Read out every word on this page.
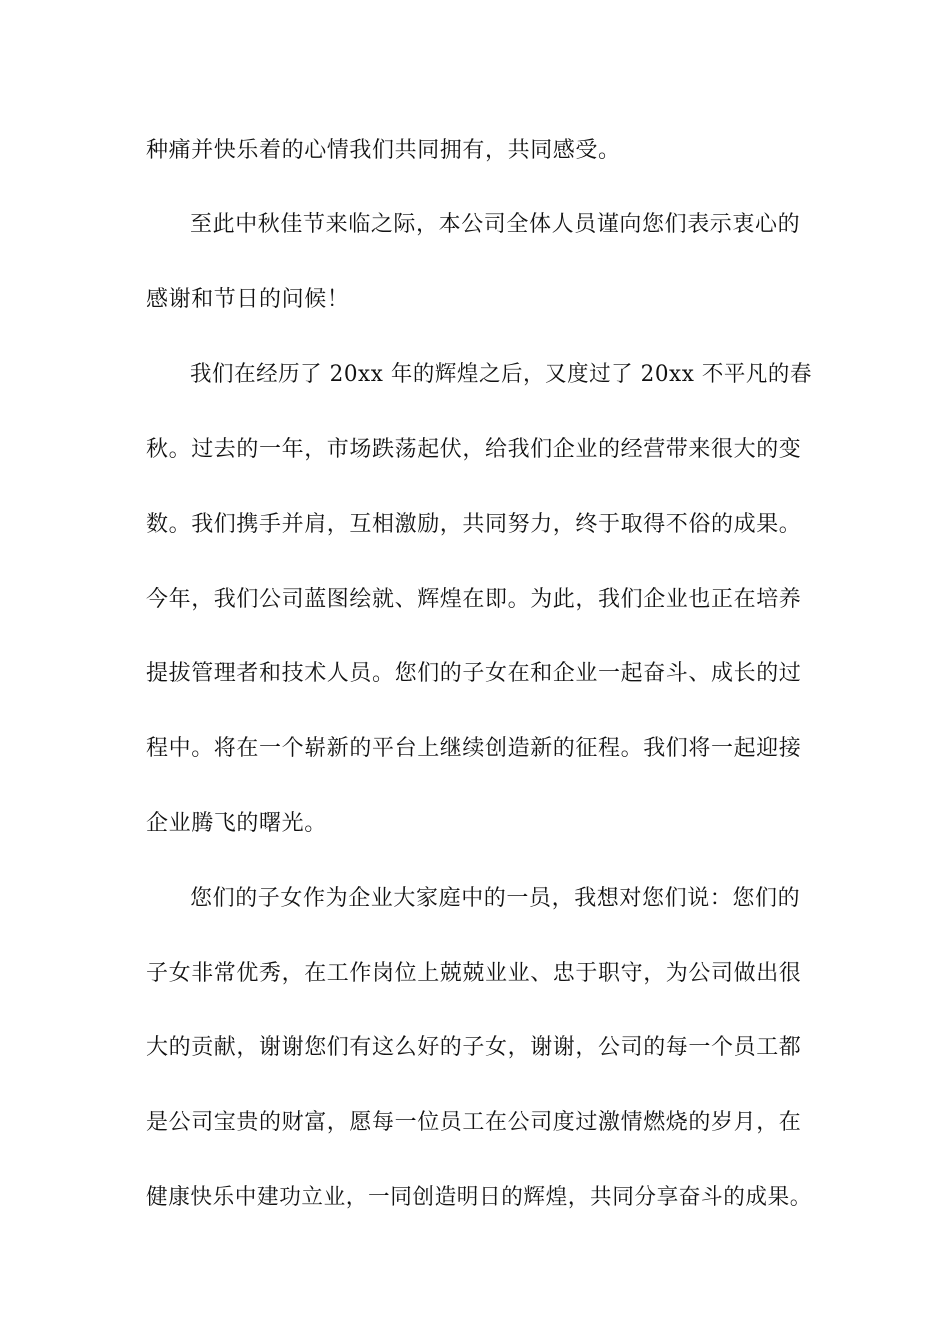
种痛并快乐着的心情我们共同拥有，共同感受。
至此中秋佳节来临之际，本公司全体人员谨向您们表示衷心的
感谢和节日的问候！
我们在经历了 20xx 年的辉煌之后，又度过了 20xx 不平凡的春
秋。过去的一年，市场跌荡起伏，给我们企业的经营带来很大的变
数。我们携手并肩，互相激励，共同努力，终于取得不俗的成果。
今年，我们公司蓝图绘就、辉煌在即。为此，我们企业也正在培养
提拔管理者和技术人员。您们的子女在和企业一起奋斗、成长的过
程中。将在一个崭新的平台上继续创造新的征程。我们将一起迎接
企业腾飞的曙光。
您们的子女作为企业大家庭中的一员，我想对您们说：您们的
子女非常优秀，在工作岗位上兢兢业业、忠于职守，为公司做出很
大的贡献，谢谢您们有这么好的子女，谢谢，公司的每一个员工都
是公司宝贵的财富，愿每一位员工在公司度过激情燃烧的岁月，在
健康快乐中建功立业，一同创造明日的辉煌，共同分享奋斗的成果。
